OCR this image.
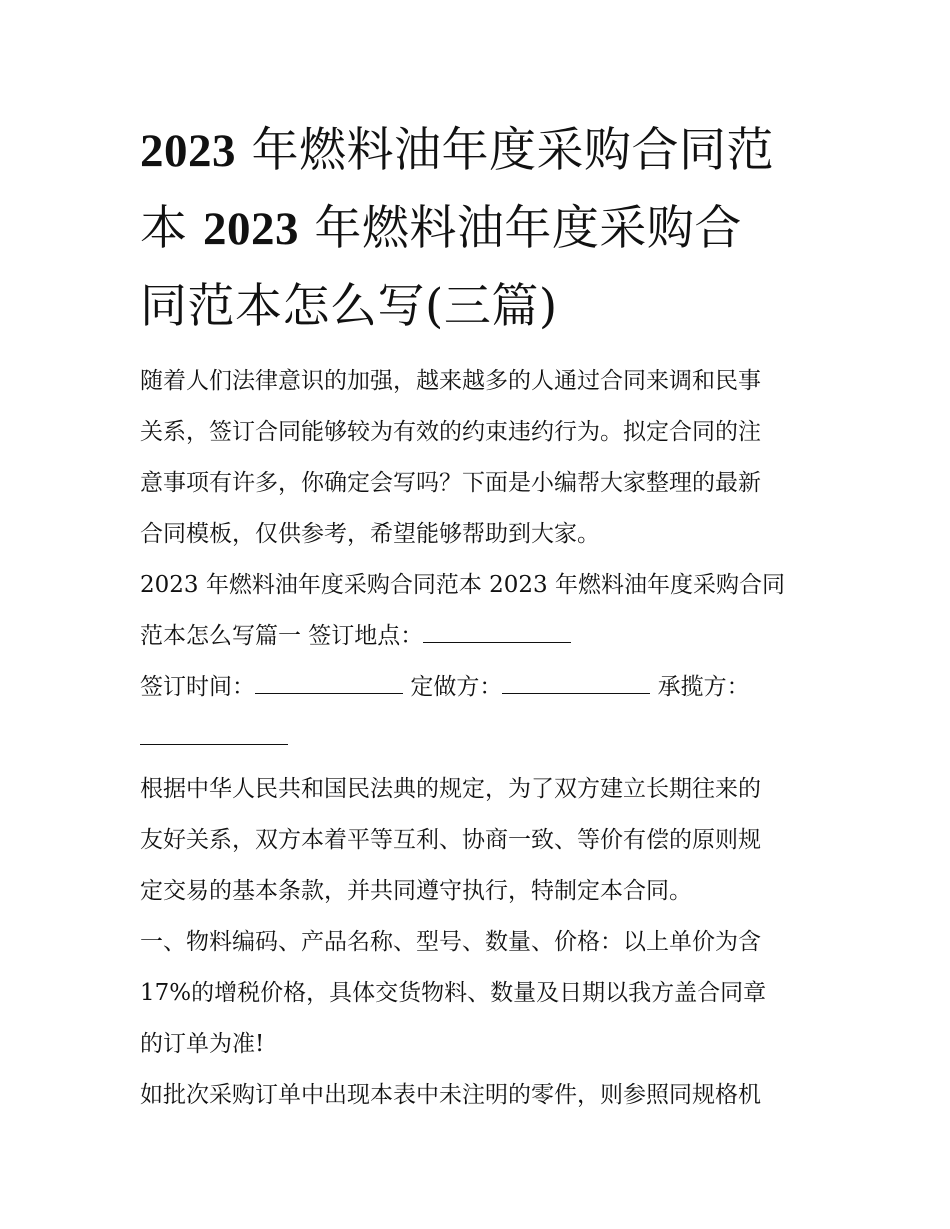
2023 年燃料油年度采购合同范
本 2023 年燃料油年度采购合
同范本怎么写(三篇)
随着人们法律意识的加强，越来越多的人通过合同来调和民事
关系，签订合同能够较为有效的约束违约行为。拟定合同的注
意事项有许多，你确定会写吗？下面是小编帮大家整理的最新
合同模板，仅供参考，希望能够帮助到大家。
2023 年燃料油年度采购合同范本 2023 年燃料油年度采购合同
范本怎么写篇一 签订地点：
签订时间：	定做方：	承揽方：
根据中华人民共和国民法典的规定，为了双方建立长期往来的
友好关系，双方本着平等互利、协商一致、等价有偿的原则规
定交易的基本条款，并共同遵守执行，特制定本合同。
一、物料编码、产品名称、型号、数量、价格：以上单价为含
17%的增税价格，具体交货物料、数量及日期以我方盖合同章
的订单为准!
如批次采购订单中出现本表中未注明的零件，则参照同规格机
